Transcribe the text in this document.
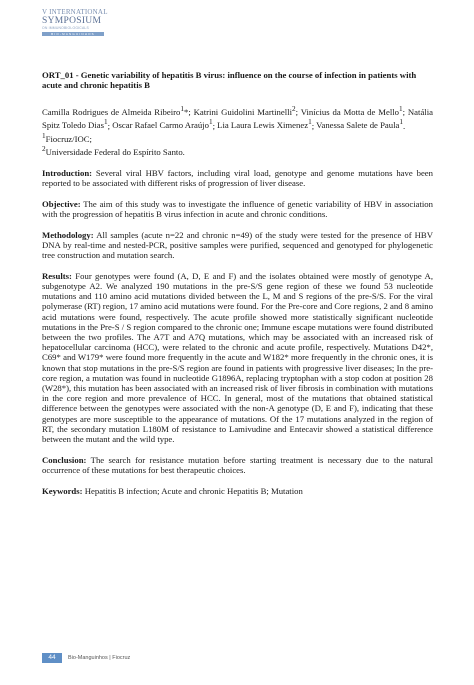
V INTERNATIONAL
SYMPOSIUM
ON IMMUNOBIOLOGICALS
BIO-MANGUINHOS
ORT_01 - Genetic variability of hepatitis B virus: influence on the course of infection in patients with acute and chronic hepatitis B
Camilla Rodrigues de Almeida Ribeiro$^1$*; Katrini Guidolini Martinelli$^2$; Vinícius da Motta de Mello$^1$; Natália Spitz Toledo Dias$^1$; Oscar Rafael Carmo Araújo$^1$; Lia Laura Lewis Ximenez$^1$; Vanessa Salete de Paula$^1$.
$^1$Fiocruz/IOC;
$^2$Universidade Federal do Espírito Santo.
Introduction: Several viral HBV factors, including viral load, genotype and genome mutations have been reported to be associated with different risks of progression of liver disease.
Objective: The aim of this study was to investigate the influence of genetic variability of HBV in association with the progression of hepatitis B virus infection in acute and chronic conditions.
Methodology: All samples (acute n=22 and chronic n=49) of the study were tested for the presence of HBV DNA by real-time and nested-PCR, positive samples were purified, sequenced and genotyped for phylogenetic tree construction and mutation search.
Results: Four genotypes were found (A, D, E and F) and the isolates obtained were mostly of genotype A, subgenotype A2. We analyzed 190 mutations in the pre-S/S gene region of these we found 53 nucleotide mutations and 110 amino acid mutations divided between the L, M and S regions of the pre-S/S. For the viral polymerase (RT) region, 17 amino acid mutations were found. For the Pre-core and Core regions, 2 and 8 amino acid mutations were found, respectively. The acute profile showed more statistically significant nucleotide mutations in the Pre-S / S region compared to the chronic one; Immune escape mutations were found distributed between the two profiles. The A7T and A7Q mutations, which may be associated with an increased risk of hepatocellular carcinoma (HCC), were related to the chronic and acute profile, respectively. Mutations D42*, C69* and W179* were found more frequently in the acute and W182* more frequently in the chronic ones, it is known that stop mutations in the pre-S/S region are found in patients with progressive liver diseases; In the pre-core region, a mutation was found in nucleotide G1896A, replacing tryptophan with a stop codon at position 28 (W28*), this mutation has been associated with an increased risk of liver fibrosis in combination with mutations in the core region and more prevalence of HCC. In general, most of the mutations that obtained statistical difference between the genotypes were associated with the non-A genotype (D, E and F), indicating that these genotypes are more susceptible to the appearance of mutations. Of the 17 mutations analyzed in the region of RT, the secondary mutation L180M of resistance to Lamivudine and Entecavir showed a statistical difference between the mutant and the wild type.
Conclusion: The search for resistance mutation before starting treatment is necessary due to the natural occurrence of these mutations for best therapeutic choices.
Keywords: Hepatitis B infection; Acute and chronic Hepatitis B; Mutation
44	Bio-Manguinhos | Fiocruz
